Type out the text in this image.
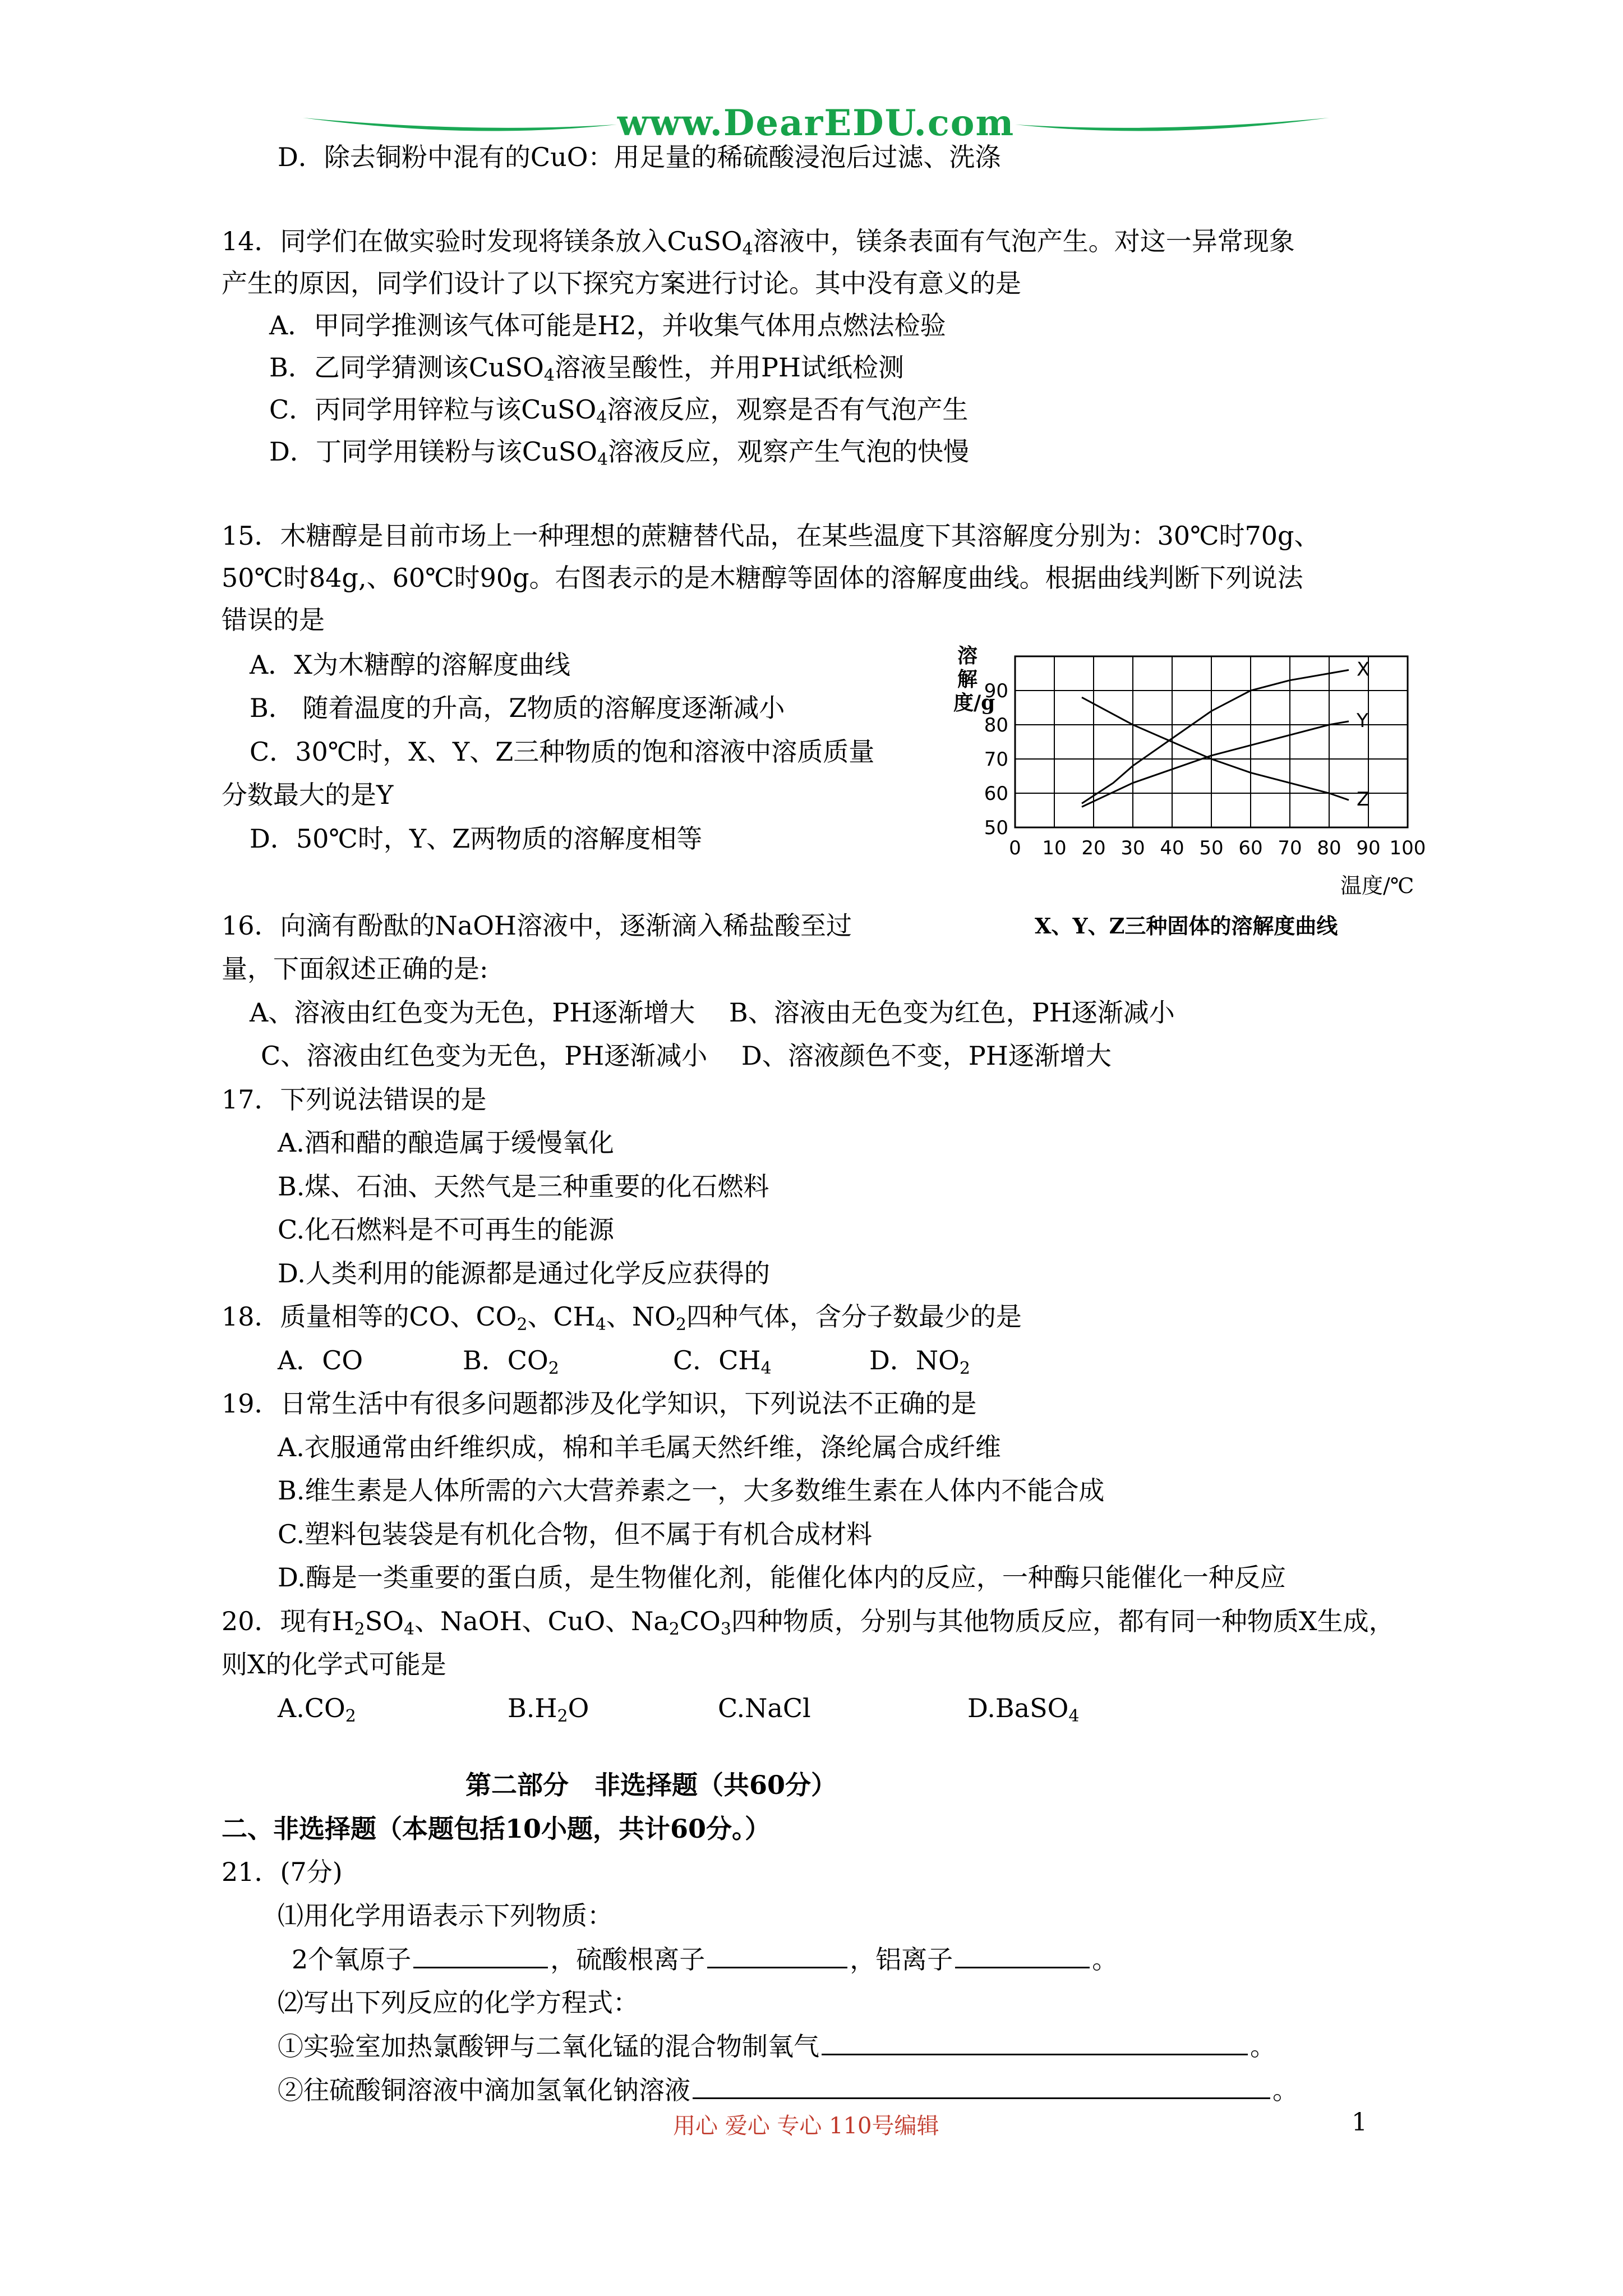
www.DearEDU.com
D．除去铜粉中混有的CuO：用足量的稀硫酸浸泡后过滤、洗涤
14．同学们在做实验时发现将镁条放入CuSO$_4$溶液中，镁条表面有气泡产生。对这一异常现象
产生的原因，同学们设计了以下探究方案进行讨论。其中没有意义的是
A．甲同学推测该气体可能是H2，并收集气体用点燃法检验
B．乙同学猜测该CuSO$_4$溶液呈酸性，并用PH试纸检测
C．丙同学用锌粒与该CuSO$_4$溶液反应，观察是否有气泡产生
D．丁同学用镁粉与该CuSO$_4$溶液反应，观察产生气泡的快慢
15．木糖醇是目前市场上一种理想的蔗糖替代品，在某些温度下其溶解度分别为：30℃时70g、
50℃时84g,、60℃时90g。右图表示的是木糖醇等固体的溶解度曲线。根据曲线判断下列说法
错误的是
A．X为木糖醇的溶解度曲线
B． 随着温度的升高，Z物质的溶解度逐渐减小
C．30℃时，X、Y、Z三种物质的饱和溶液中溶质质量
分数最大的是Y
D．50℃时，Y、Z两物质的溶解度相等
溶解度/g
0 10 20 30 40 50 60 70 80 90 100
50
60
70
80
90
X
Y
Z
温度/℃
X、Y、Z三种固体的溶解度曲线
16．向滴有酚酞的NaOH溶液中，逐渐滴入稀盐酸至过
量，下面叙述正确的是:
A、溶液由红色变为无色，PH逐渐增大　 B、溶液由无色变为红色，PH逐渐减小
C、溶液由红色变为无色，PH逐渐减小　 D、溶液颜色不变，PH逐渐增大
17．下列说法错误的是
A.酒和醋的酿造属于缓慢氧化
B.煤、石油、天然气是三种重要的化石燃料
C.化石燃料是不可再生的能源
D.人类利用的能源都是通过化学反应获得的
18．质量相等的CO、$CO_2$、$CH_4$、$NO_2$四种气体，含分子数最少的是
A．CO	B．$CO_2$	C．$CH_4$	D．$NO_2$
19．日常生活中有很多问题都涉及化学知识，下列说法不正确的是
A.衣服通常由纤维织成，棉和羊毛属天然纤维，涤纶属合成纤维
B.维生素是人体所需的六大营养素之一，大多数维生素在人体内不能合成
C.塑料包装袋是有机化合物，但不属于有机合成材料
D.酶是一类重要的蛋白质，是生物催化剂，能催化体内的反应，一种酶只能催化一种反应
20．现有$H_2SO_4$、NaOH、CuO、$Na_2CO_3$四种物质，分别与其他物质反应，都有同一种物质X生成，
则X的化学式可能是
$A.CO_2$	$B.H_2O$	C.NaCl	D.BaSO$_4$
第二部分　非选择题（共60分）
二、非选择题（本题包括10小题，共计60分。）
21．(7分)
⑴用化学用语表示下列物质：
2个氧原子	，硫酸根离子	，铝离子	。
⑵写出下列反应的化学方程式：
①实验室加热氯酸钾与二氧化锰的混合物制氧气	。
②往硫酸铜溶液中滴加氢氧化钠溶液	。
用心 爱心 专心 110号编辑	1
